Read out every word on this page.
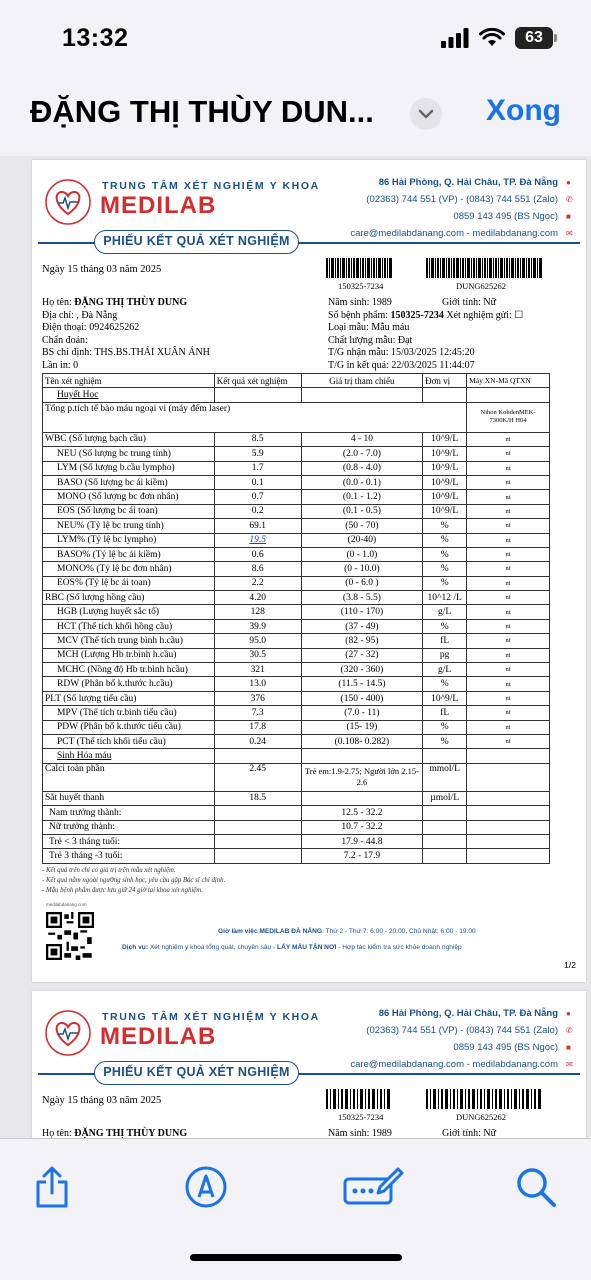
13:32	63
ĐẶNG THỊ THÙY DUN...	Xong
TRUNG TÂM XÉT NGHIỆM Y KHOA
MEDILAB
86 Hải Phòng, Q. Hải Châu, TP. Đà Nẵng
(02363) 744 551 (VP) - (0843) 744 551 (Zalo)
0859 143 495 (BS Ngọc)
care@medilabdanang.com - medilabdanang.com
●
✆
■
✉
PHIẾU KẾT QUẢ XÉT NGHIỆM
Ngày 15 tháng 03 năm 2025
150325-7234	DUNG625262
Họ tên: ĐẶNG THỊ THÙY DUNG
Địa chỉ: , Đà Nẵng
Điện thoại: 0924625262
Chẩn đoán:
BS chỉ định: THS.BS.THÁI XUÂN ÁNH
Lần in: 0
Năm sinh: 1989	Giới tính: Nữ
Số bệnh phẩm: 150325-7234 Xét nghiệm gửi: ☐
Loại mẫu: Mẫu máu
Chất lượng mẫu: Đạt
T/G nhận mẫu: 15/03/2025 12:45:20
T/G in kết quả: 22/03/2025 11:44:07
Tên xét nghiệm	Kết quả xét nghiệm	Giá trị tham chiếu	Đơn vị	Máy XN-Mã QTXN
Huyết Học				
Tổng p.tích tế bào máu ngoại vi (máy đếm laser)				Nihon KohdenMEK-7300K/H H04
WBC (Số lượng bạch cầu)	8.5	4 - 10	10^9/L	nt
NEU (Số lượng bc trung tính)	5.9	(2.0 - 7.0)	10^9/L	nt
LYM (Số lượng b.cầu lympho)	1.7	(0.8 - 4.0)	10^9/L	nt
BASO (Số lượng bc ái kiềm)	0.1	(0.0 - 0.1)	10^9/L	nt
MONO (Số lượng bc đơn nhân)	0.7	(0.1 - 1.2)	10^9/L	nt
EOS (Số lượng bc ái toan)	0.2	(0.1 - 0.5)	10^9/L	nt
NEU% (Tỷ lệ bc trung tính)	69.1	(50 - 70)	%	nt
LYM% (Tỷ lệ bc lympho)	19.5	(20-40)	%	nt
BASO% (Tỷ lệ bc ái kiềm)	0.6	(0 - 1.0)	%	nt
MONO% (Tỷ lệ bc đơn nhân)	8.6	(0 - 10.0)	%	nt
EOS% (Tỷ lệ bc ái toan)	2.2	(0 - 6.0 )	%	nt
RBC (Số lượng hồng cầu)	4.20	(3.8 - 5.5)	10^12 /L	nt
HGB (Lượng huyết sắc tố)	128	(110 - 170)	g/L	nt
HCT (Thể tích khối hồng cầu)	39.9	(37 - 49)	%	nt
MCV (Thể tích trung bình h.cầu)	95.0	(82 - 95)	fL	nt
MCH (Lượng Hb tr.bình h.cầu)	30.5	(27 - 32)	pg	nt
MCHC (Nồng độ Hb tr.bình hcầu)	321	(320 - 360)	g/L	nt
RDW (Phân bố k.thước h.cầu)	13.0	(11.5 - 14.5)	%	nt
PLT (Số lượng tiểu cầu)	376	(150 - 400)	10^9/L	nt
MPV (Thể tích tr.bình tiểu cầu)	7.3	(7.0 - 11)	fL	nt
PDW (Phân bố k.thước tiểu cầu)	17.8	(15- 19)	%	nt
PCT (Thể tích khối tiểu cầu)	0.24	(0.108- 0.282)	%	nt
Sinh Hóa máu				
Calci toàn phần	2.45	Trẻ em:1.9-2.75; Người lớn 2.15-2.6	mmol/L	
Sắt huyết thanh	18.5		µmol/L	
Nam trưởng thành:		12.5 - 32.2		
Nữ trưởng thành:		10.7 - 32.2		
Trẻ < 3 tháng tuổi:		17.9 - 44.8		
Trẻ 3 tháng -3 tuổi:		7.2 - 17.9		
- Kết quả trên chỉ có giá trị trên mẫu xét nghiệm.
- Kết quả nằm ngoài ngưỡng sinh học, yêu cầu gặp Bác sĩ chỉ định.
- Mẫu bệnh phẩm được lưu giữ 24 giờ tại khoa xét nghiệm.
medilabdanang.com
Giờ làm việc MEDILAB ĐÀ NẴNG: Thứ 2 - Thứ 7: 6:00 - 20:00, Chủ Nhật: 6:00 - 19:00
Dịch vụ: Xét nghiệm y khoa tổng quát, chuyên sâu - LẤY MẪU TẬN NƠI - Hợp tác kiểm tra sức khỏe doanh nghiệp
1/2
TRUNG TÂM XÉT NGHIỆM Y KHOA
MEDILAB
86 Hải Phòng, Q. Hải Châu, TP. Đà Nẵng
(02363) 744 551 (VP) - (0843) 744 551 (Zalo)
0859 143 495 (BS Ngọc)
care@medilabdanang.com - medilabdanang.com
●
✆
■
✉
PHIẾU KẾT QUẢ XÉT NGHIỆM
Ngày 15 tháng 03 năm 2025
150325-7234	DUNG625262
Họ tên: ĐẶNG THỊ THÙY DUNG	Năm sinh: 1989	Giới tính: Nữ
